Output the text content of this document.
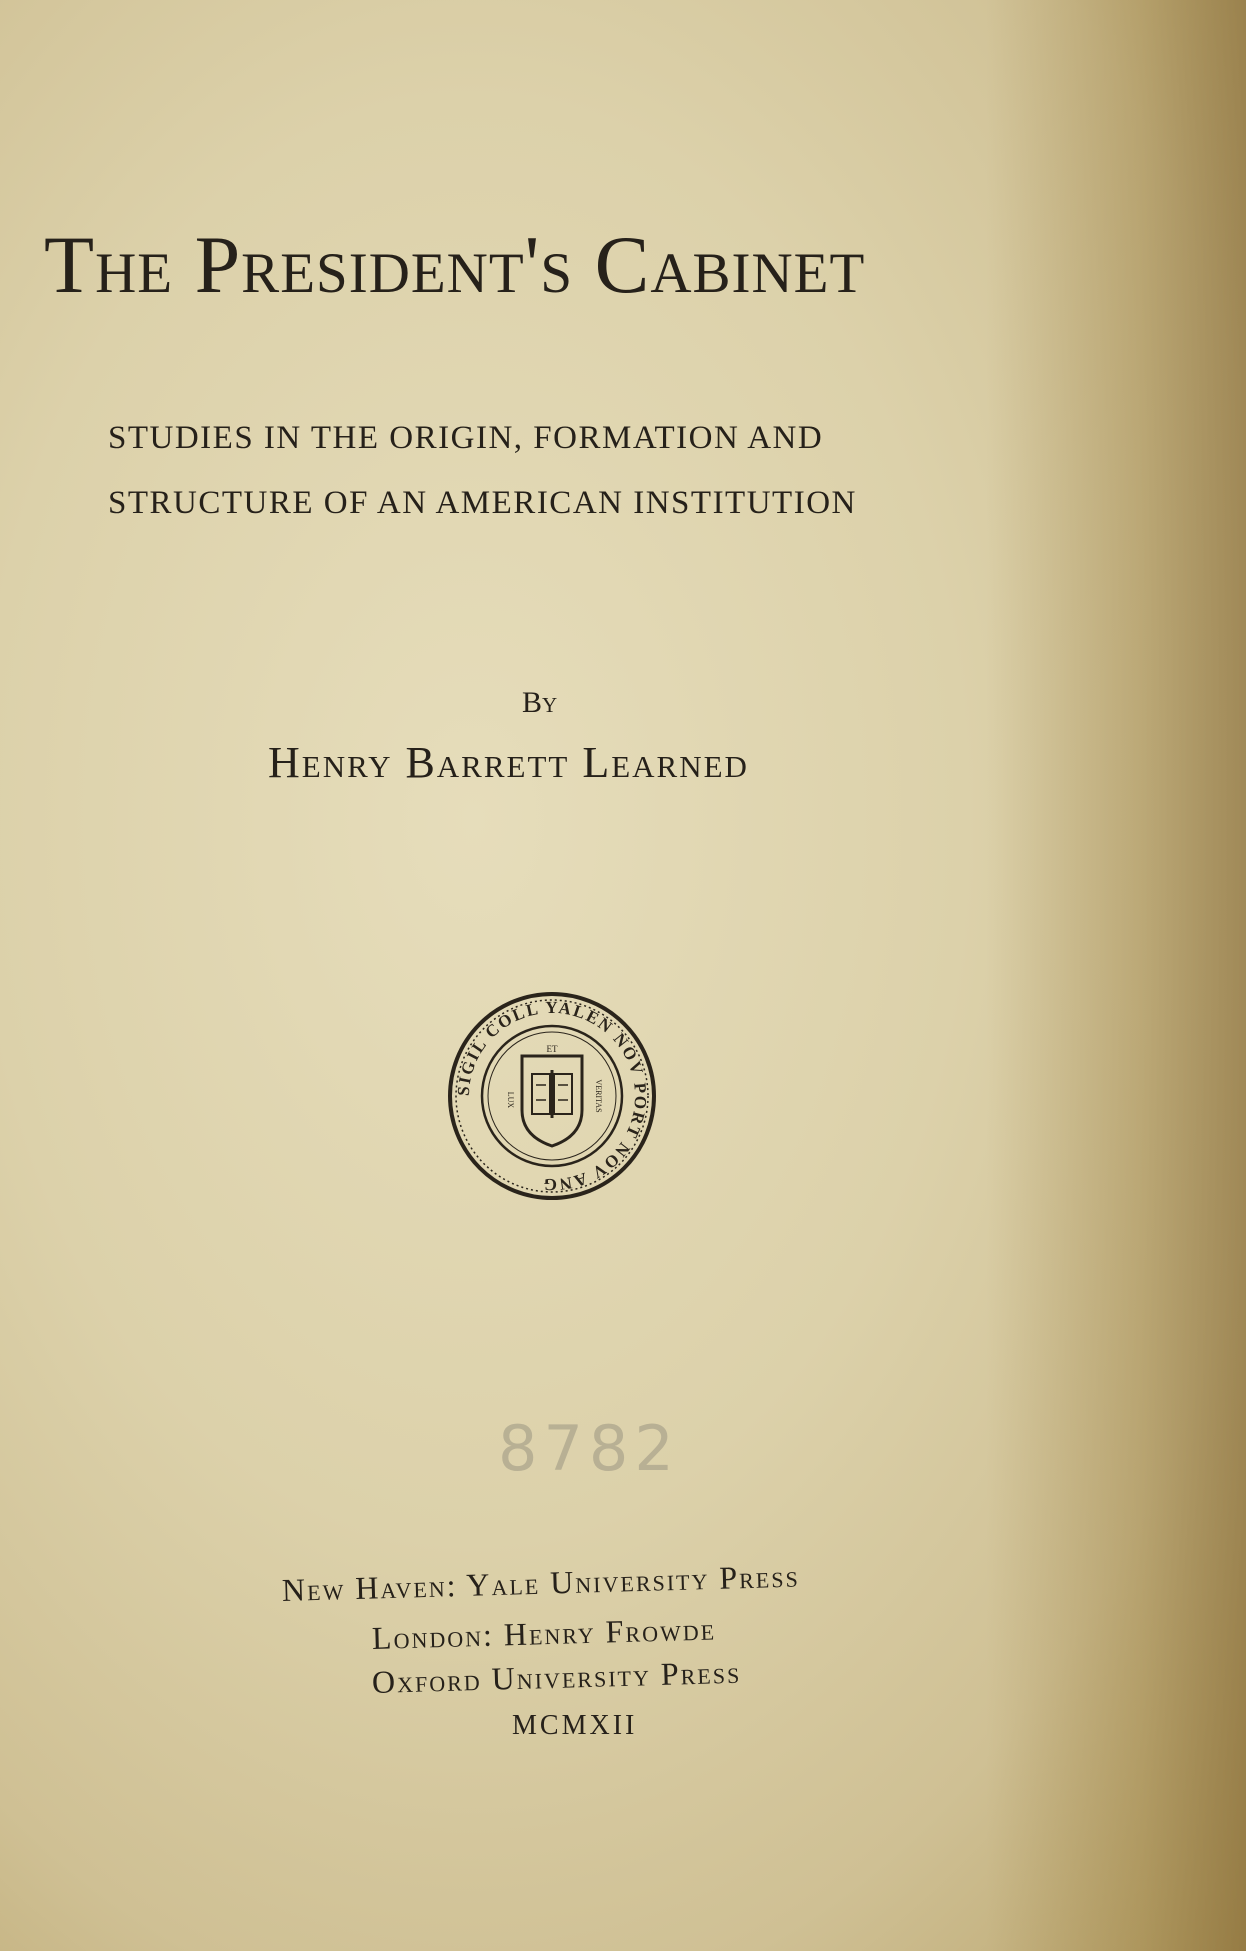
The President's Cabinet
STUDIES IN THE ORIGIN, FORMATION AND
STRUCTURE OF AN AMERICAN INSTITUTION
By
Henry Barrett Learned
SIGIL COLL YALEN NOV PORT NOV ANG
ET
LUX	VERITAS
8782
New Haven: Yale University Press
London: Henry Frowde
Oxford University Press
MCMXII
